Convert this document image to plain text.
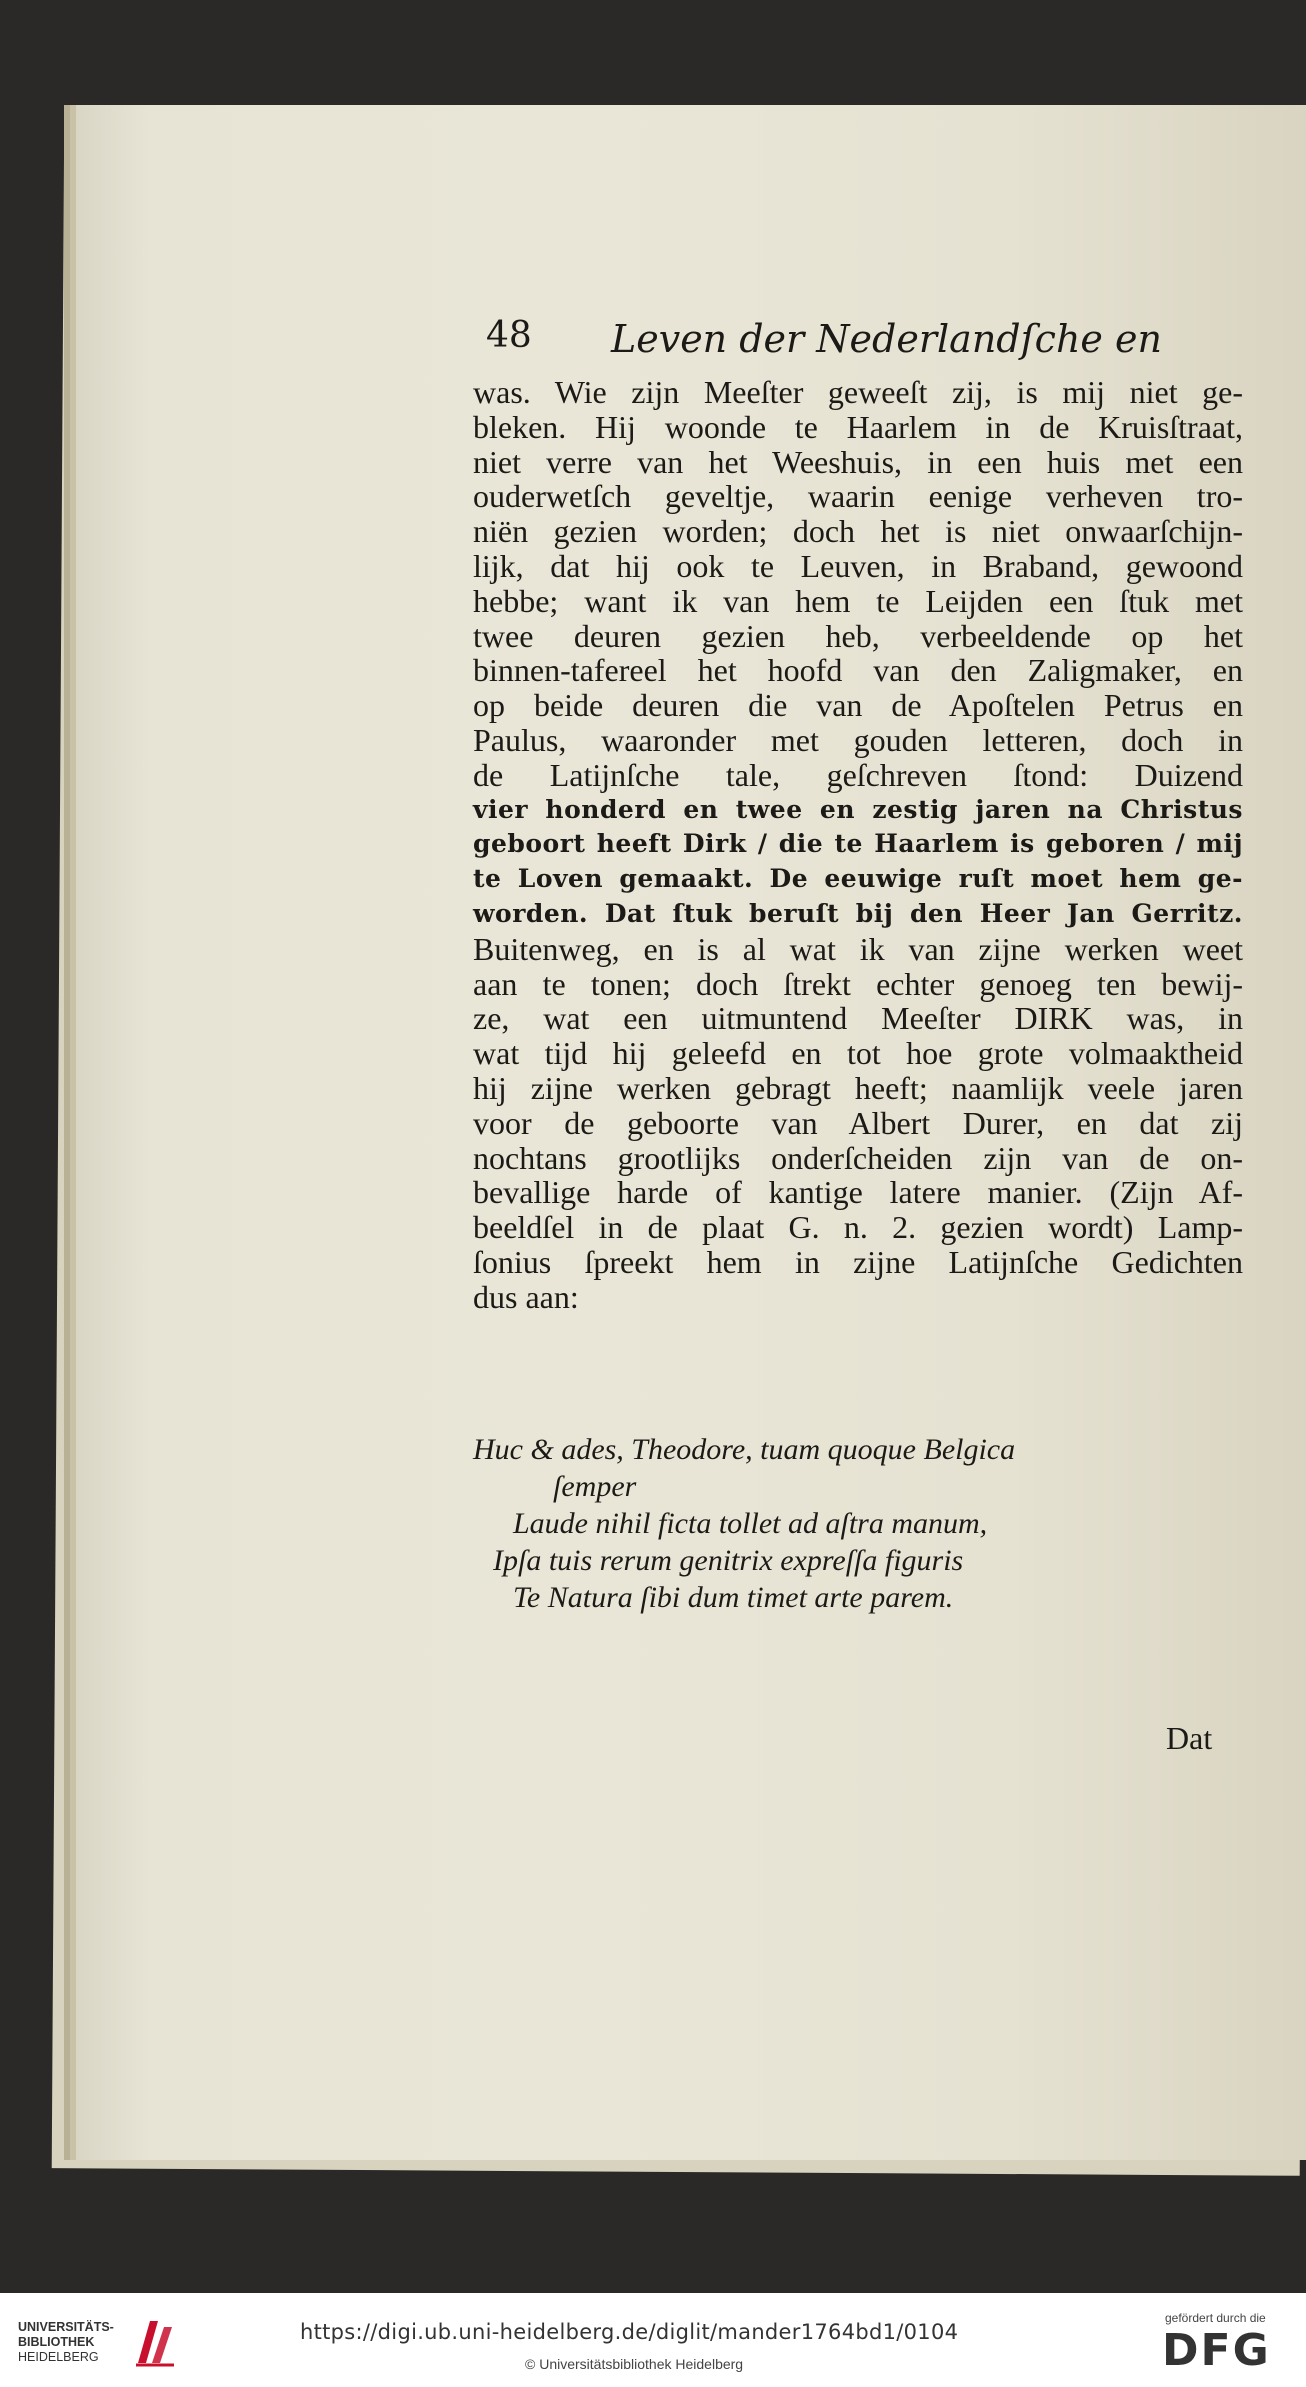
48 Leven der Nederlandſche en
was. Wie zijn Meeſter geweeſt zij, is mij niet ge-
bleken. Hij woonde te Haarlem in de Kruisſtraat,
niet verre van het Weeshuis, in een huis met een
ouderwetſch geveltje, waarin eenige verheven tro-
niën gezien worden; doch het is niet onwaarſchijn-
lijk, dat hij ook te Leuven, in Braband, gewoond
hebbe; want ik van hem te Leijden een ſtuk met
twee deuren gezien heb, verbeeldende op het
binnen-tafereel het hoofd van den Zaligmaker, en
op beide deuren die van de Apoſtelen Petrus en
Paulus, waaronder met gouden letteren, doch in
de Latijnſche tale, geſchreven ſtond: Duizend
vier honderd en twee en zestig jaren na Christus
geboort heeft Dirk / die te Haarlem is geboren / mij
te Loven gemaakt. De eeuwige ruſt moet hem ge-
worden. Dat ſtuk beruſt bij den Heer Jan Gerritz.
Buitenweg, en is al wat ik van zijne werken weet
aan te tonen; doch ſtrekt echter genoeg ten bewij-
ze, wat een uitmuntend Meeſter DIRK was, in
wat tijd hij geleefd en tot hoe grote volmaaktheid
hij zijne werken gebragt heeft; naamlijk veele jaren
voor de geboorte van Albert Durer, en dat zij
nochtans grootlijks onderſcheiden zijn van de on-
bevallige harde of kantige latere manier. (Zijn Af-
beeldſel in de plaat G. n. 2. gezien wordt) Lamp-
ſonius ſpreekt hem in zijne Latijnſche Gedichten
dus aan:
Huc & ades, Theodore, tuam quoque Belgica
ſemper
Laude nihil ficta tollet ad aſtra manum,
Ipſa tuis rerum genitrix expreſſa figuris
Te Natura ſibi dum timet arte parem.
Dat
UNIVERSITÄTS-
BIBLIOTHEK
HEIDELBERG
https://digi.ub.uni-heidelberg.de/diglit/mander1764bd1/0104
© Universitätsbibliothek Heidelberg
gefördert durch die
DFG
